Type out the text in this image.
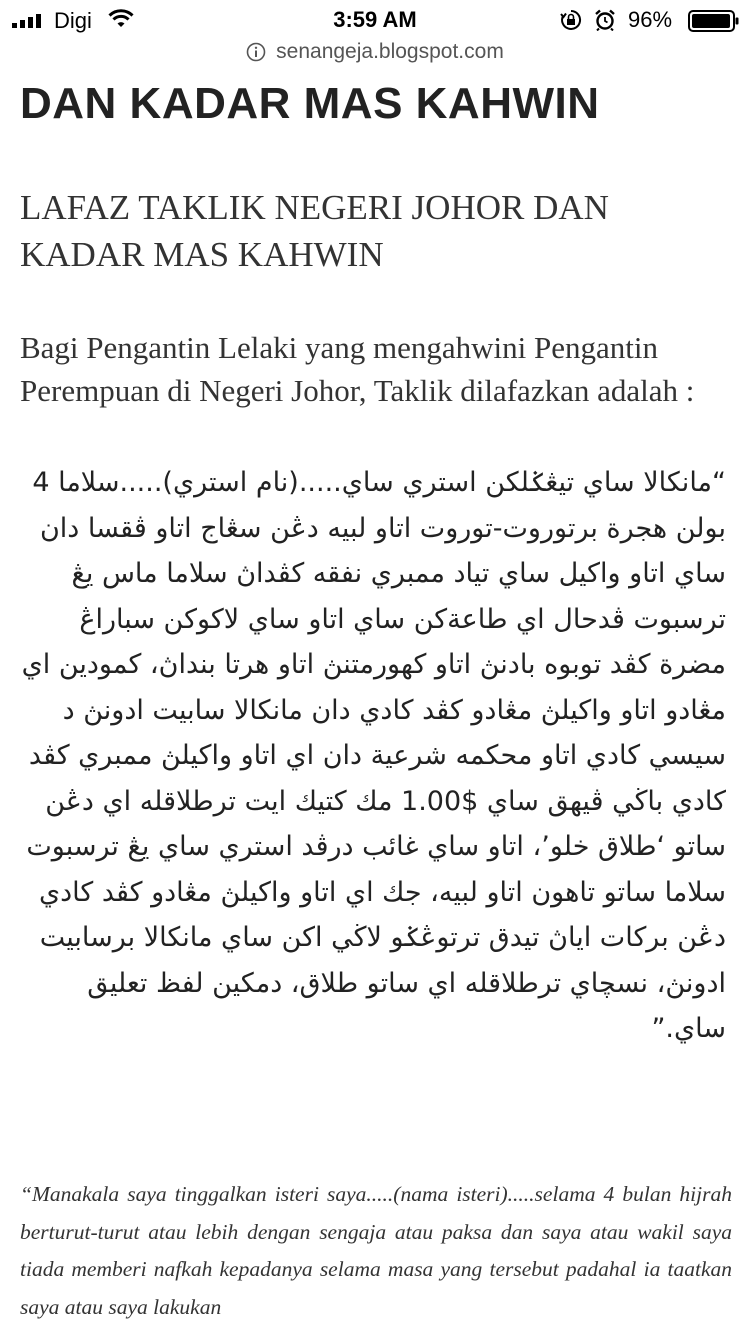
Digi	3:59 AM	96%
senangeja.blogspot.com
DAN KADAR MAS KAHWIN

LAFAZ TAKLIK NEGERI JOHOR DAN KADAR MAS KAHWIN

Bagi Pengantin Lelaki yang mengahwini Pengantin Perempuan di Negeri Johor, Taklik dilafazkan adalah :

“مانكالا ساي تيڠݢلكن استري ساي.....(نام استري).....سلاما 4 بولن هجرة برتوروت-توروت اتاو لبيه دڠن سڠاج اتاو ڤقسا دان ساي اتاو واكيل ساي تياد ممبري نفقه كڤداڽ سلاما ماس يڠ ترسبوت ڤدحال اي طاعةكن ساي اتاو ساي لاكوكن سباراڠ مضرة كڤد توبوه بادنڽ اتاو كهورمتنڽ اتاو هرتا بنداڽ، كمودين اي مڠادو اتاو واكيلڽ مڠادو كڤد كادي دان مانكالا سابيت ادونڽ د سيسي كادي اتاو محكمه شرعية دان اي اتاو واكيلڽ ممبري كڤد كادي باڬي ڤيهق ساي $1.00 مك كتيك ايت ترطلاقله اي دڠن ساتو ‘طلاق خلو’، اتاو ساي غائب درڤد استري ساي يڠ ترسبوت سلاما ساتو تاهون اتاو لبيه، جك اي اتاو واكيلڽ مڠادو كڤد كادي دڠن بركات اياڽ تيدق ترتوڠݢو لاڬي اكن ساي مانكالا برسابيت ادونڽ، نسچاي ترطلاقله اي ساتو طلاق، دمكين لفظ تعليق ساي.”

“Manakala saya tinggalkan isteri saya.....(nama isteri).....selama 4 bulan hijrah berturut-turut atau lebih dengan sengaja atau paksa dan saya atau wakil saya tiada memberi nafkah kepadanya selama masa yang tersebut padahal ia taatkan saya atau saya lakukan
